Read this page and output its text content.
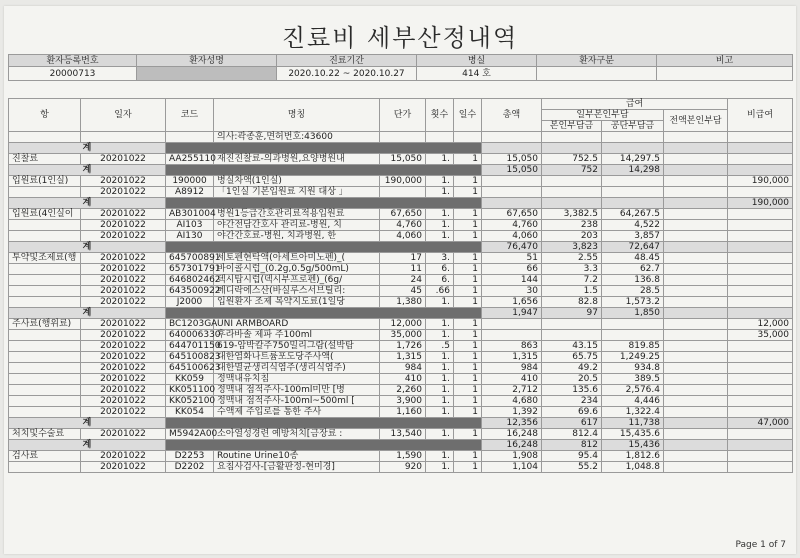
진료비 세부산정내역
환자등록번호	환자성명	진료기간	병실	환자구분	비고
20000713		2020.10.22 ~ 2020.10.27	414 호		
항	일자	코드	명칭	단가	횟수	일수	총액	급여			비급여
								일부본인부담		전액본인부담	
								본인부담금	공단부담금		
			의사:곽종훈,면허번호:43600								
계											
진찰료	20201022	AA255110	재진진찰료-의과병원,요양병원내	15,050	1.	1	15,050	752.5	14,297.5		
계							15,050	752	14,298		
입원료(1인실)	20201022	190000	병실차액(1인실)	190,000	1.	1					190,000
	20201022	A8912	「1인실 기본입원료 지원 대상 」		1.	1					
계											190,000
입원료(4인실이	20201022	AB301004	병원1등급간호관리료적용입원료	67,650	1.	1	67,650	3,382.5	64,267.5		
	20201022	AI103	야간전담간호사 관리료-병원, 치	4,760	1.	1	4,760	238	4,522		
	20201022	AI130	야간간호료-병원, 치과병원, 한	4,060	1.	1	4,060	203	3,857		
계							76,470	3,823	72,647		
투약및조제료(행	20201022	645700891	세토펜현탁액(아세트아미노펜)_(	17	3.	1	51	2.55	48.45		
	20201022	657301791	바이콜시럽_(0.2g,0.5g/500mL)	11	6.	1	66	3.3	62.7		
	20201022	646802462	덱시탑시럽(덱시부프로펜)_(6g/	24	6.	1	144	7.2	136.8		
	20201022	643500922	메디락에스산(바실루스서브틸리:	45	.66	1	30	1.5	28.5		
	20201022	J2000	입원환자 조제 복약지도료(1일당	1,380	1.	1	1,656	82.8	1,573.2		
계							1,947	97	1,850		
주사료(행위료)	20201022	BC1203GA	UNI ARMBOARD	12,000	1.	1					12,000
	20201022	640006330	후라바솔 제파 주100ml	35,000	1.	1					35,000
	20201022	644701150	619-암박칼주750밀리그람(설박탐	1,726	.5	1	863	43.15	819.85		
	20201022	645100823	대한염화나트륨포도당주사액(	1,315	1.	1	1,315	65.75	1,249.25		
	20201022	645100623	대한멸균생리식염주(생리식염주)	984	1.	1	984	49.2	934.8		
	20201022	KK059	정맥내유치침	410	1.	1	410	20.5	389.5		
	20201022	KK051100	정맥내 점적주사-100ml미만 [병	2,260	1.	1	2,712	135.6	2,576.4		
	20201022	KK052100	정맥내 점적주사-100ml~500ml [	3,900	1.	1	4,680	234	4,446		
	20201022	KK054	수액제 주입로를 통한 주사	1,160	1.	1	1,392	69.6	1,322.4		
계							12,356	617	11,738		47,000
처치및수술료	20201022	M5942A00	소아열성경련 예방처치[금장료 :	13,540	1.	1	16,248	812.4	15,435.6		
계							16,248	812	15,436		
검사료	20201022	D2253	Routine Urine10종	1,590	1.	1	1,908	95.4	1,812.6		
	20201022	D2202	요침사검사-[금활판정-현미경]	920	1.	1	1,104	55.2	1,048.8		
Page 1 of 7
